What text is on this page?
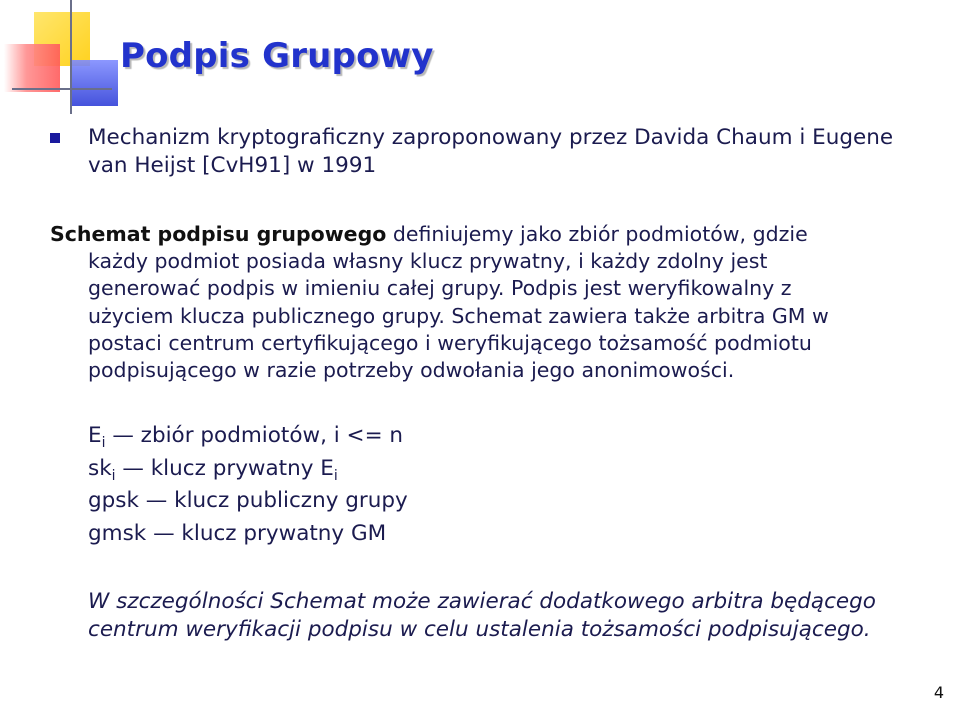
Podpis Grupowy
Mechanizm kryptograficzny zaproponowany przez Davida Chaum i Eugene van Heijst [CvH91] w 1991
Schemat podpisu grupowego definiujemy jako zbiór podmiotów, gdzie
każdy podmiot posiada własny klucz prywatny, i każdy zdolny jest
generować podpis w imieniu całej grupy. Podpis jest weryfikowalny z
użyciem klucza publicznego grupy. Schemat zawiera także arbitra GM w
postaci centrum certyfikującego i weryfikującego tożsamość podmiotu
podpisującego w razie potrzeby odwołania jego anonimowości.
$E_i$ — zbiór podmiotów, i <= n
$sk_i$ — klucz prywatny $E_i$
gpsk — klucz publiczny grupy
gmsk — klucz prywatny GM
W szczególności Schemat może zawierać dodatkowego arbitra będącego centrum weryfikacji podpisu w celu ustalenia tożsamości podpisującego.
4
